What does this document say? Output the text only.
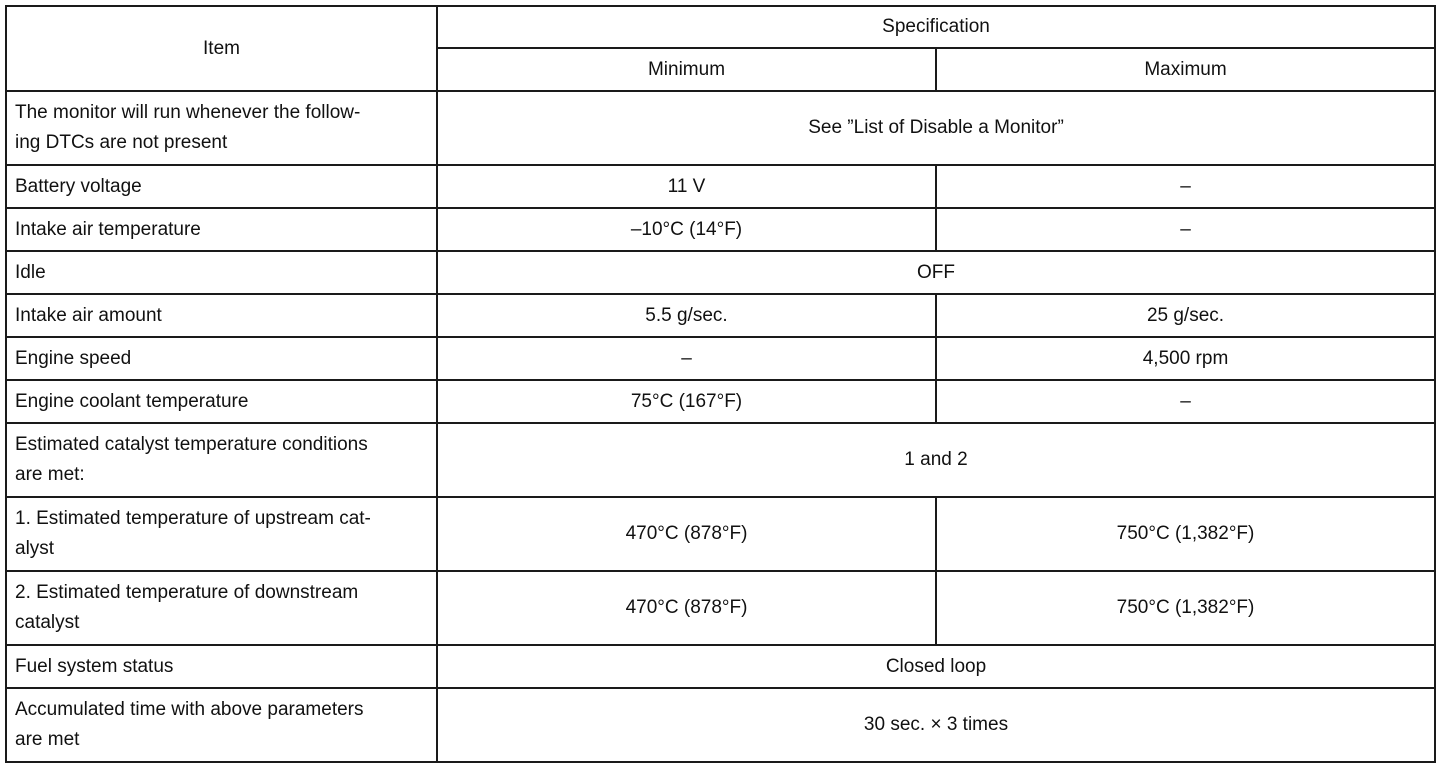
Item	Specification	
	Minimum	Maximum
The monitor will run whenever the follow-
ing DTCs are not present	See ”List of Disable a Monitor”	
Battery voltage	11 V	–
Intake air temperature	–10°C (14°F)	–
Idle	OFF	
Intake air amount	5.5 g/sec.	25 g/sec.
Engine speed	–	4,500 rpm
Engine coolant temperature	75°C (167°F)	–
Estimated catalyst temperature conditions
are met:	1 and 2	
1. Estimated temperature of upstream cat-
alyst	470°C (878°F)	750°C (1,382°F)
2. Estimated temperature of downstream
catalyst	470°C (878°F)	750°C (1,382°F)
Fuel system status	Closed loop	
Accumulated time with above parameters
are met	30 sec. × 3 times	
